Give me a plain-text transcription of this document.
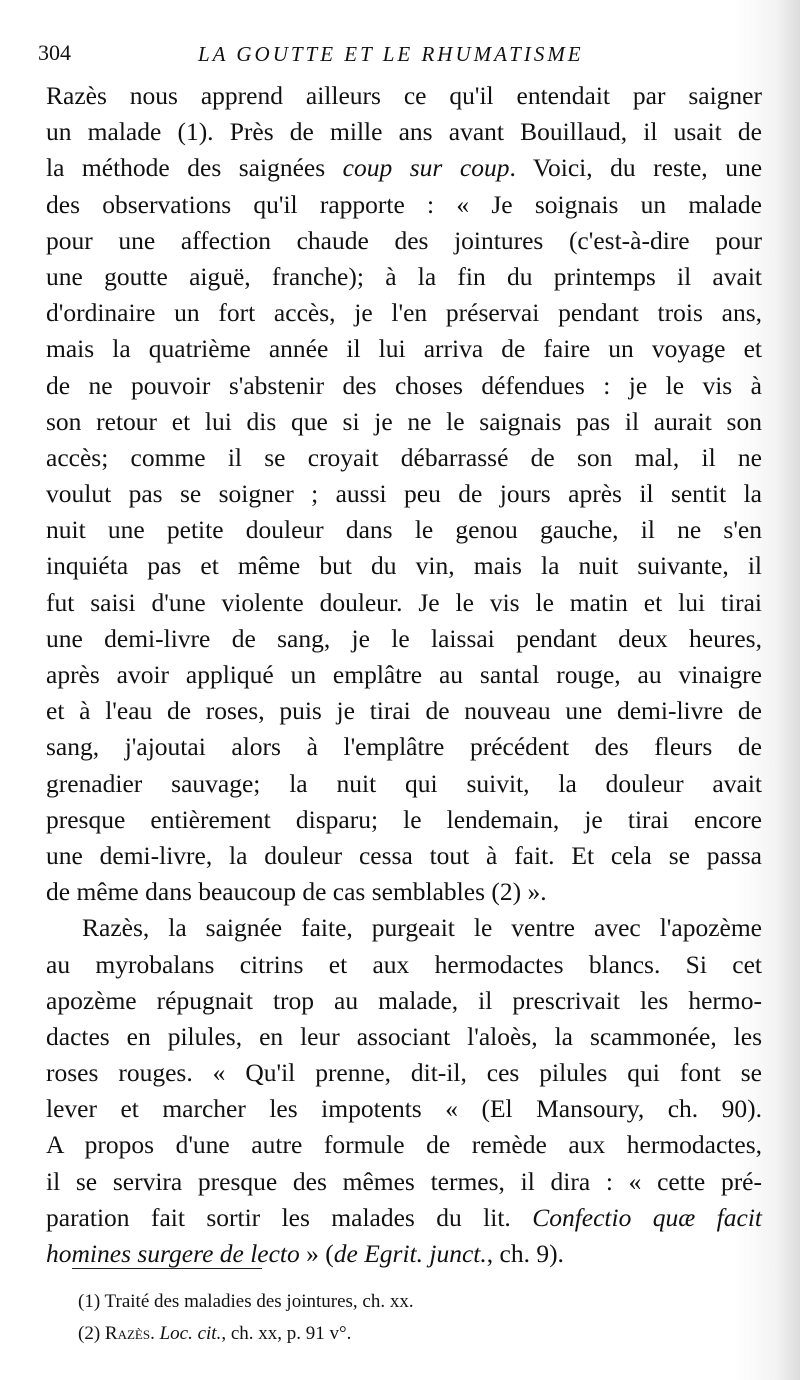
304	LA GOUTTE ET LE RHUMATISME
Razès nous apprend ailleurs ce qu'il entendait par saigner
un malade (1). Près de mille ans avant Bouillaud, il usait de
la méthode des saignées coup sur coup. Voici, du reste, une
des observations qu'il rapporte : « Je soignais un malade
pour une affection chaude des jointures (c'est-à-dire pour
une goutte aiguë, franche); à la fin du printemps il avait
d'ordinaire un fort accès, je l'en préservai pendant trois ans,
mais la quatrième année il lui arriva de faire un voyage et
de ne pouvoir s'abstenir des choses défendues : je le vis à
son retour et lui dis que si je ne le saignais pas il aurait son
accès; comme il se croyait débarrassé de son mal, il ne
voulut pas se soigner ; aussi peu de jours après il sentit la
nuit une petite douleur dans le genou gauche, il ne s'en
inquiéta pas et même but du vin, mais la nuit suivante, il
fut saisi d'une violente douleur. Je le vis le matin et lui tirai
une demi-livre de sang, je le laissai pendant deux heures,
après avoir appliqué un emplâtre au santal rouge, au vinaigre
et à l'eau de roses, puis je tirai de nouveau une demi-livre de
sang, j'ajoutai alors à l'emplâtre précédent des fleurs de
grenadier sauvage; la nuit qui suivit, la douleur avait
presque entièrement disparu; le lendemain, je tirai encore
une demi-livre, la douleur cessa tout à fait. Et cela se passa
de même dans beaucoup de cas semblables (2) ».
Razès, la saignée faite, purgeait le ventre avec l'apozème
au myrobalans citrins et aux hermodactes blancs. Si cet
apozème répugnait trop au malade, il prescrivait les hermo-
dactes en pilules, en leur associant l'aloès, la scammonée, les
roses rouges. « Qu'il prenne, dit-il, ces pilules qui font se
lever et marcher les impotents « (El Mansoury, ch. 90).
A propos d'une autre formule de remède aux hermodactes,
il se servira presque des mêmes termes, il dira : « cette pré-
paration fait sortir les malades du lit. Confectio quæ facit
homines surgere de lecto » (de Egrit. junct., ch. 9).
(1) Traité des maladies des jointures, ch. xx.
(2) Razès. Loc. cit., ch. xx, p. 91 v°.
